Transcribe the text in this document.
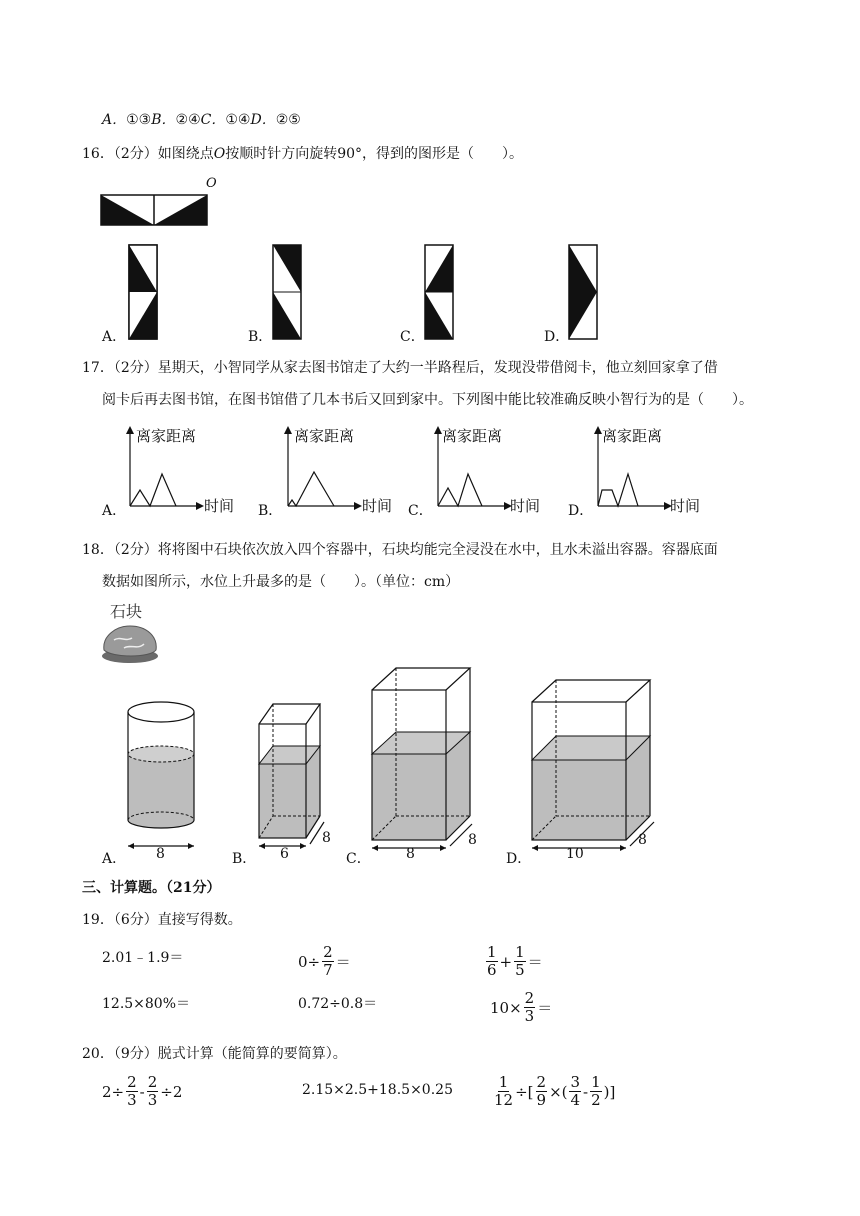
A．①③B．②④C．①④D．②⑤
16．（2分）如图绕点O按顺时针方向旋转90°，得到的图形是（　　）。
O
A．	B．	C．	D．
17．（2分）星期天，小智同学从家去图书馆走了大约一半路程后，发现没带借阅卡，他立刻回家拿了借
阅卡后再去图书馆，在图书馆借了几本书后又回到家中。下列图中能比较准确反映小智行为的是（　　）。
A．
离家距离
时间 B．
离家距离
时间 C．
离家距离
时间 D．
离家距离
时间
18．（2分）将将图中石块依次放入四个容器中，石块均能完全浸没在水中，且水未溢出容器。容器底面
数据如图所示，水位上升最多的是（　　）。（单位：cm）
石块
A． 8	B． 6
8
C．	8
8
D． 10
8
三、计算题。（21分）
19．（6分）直接写得数。
2.01﹣1.9＝	$0\div \frac{2}{7}$ ＝	$\frac{1}{6} + \frac{1}{5}$ ＝
12.5×80%＝	0.72÷0.8＝	$10\times \frac{2}{3}$ ＝
20．（9分）脱式计算（能简算的要简算）。
$2\div \frac{2}{3} - \frac{2}{3} \div 2$	2.15×2.5+18.5×0.25	$\frac{1}{12}$ ÷[ $\frac{2}{9}$ ×( $\frac{3}{4} - \frac{1}{2}$ )]
